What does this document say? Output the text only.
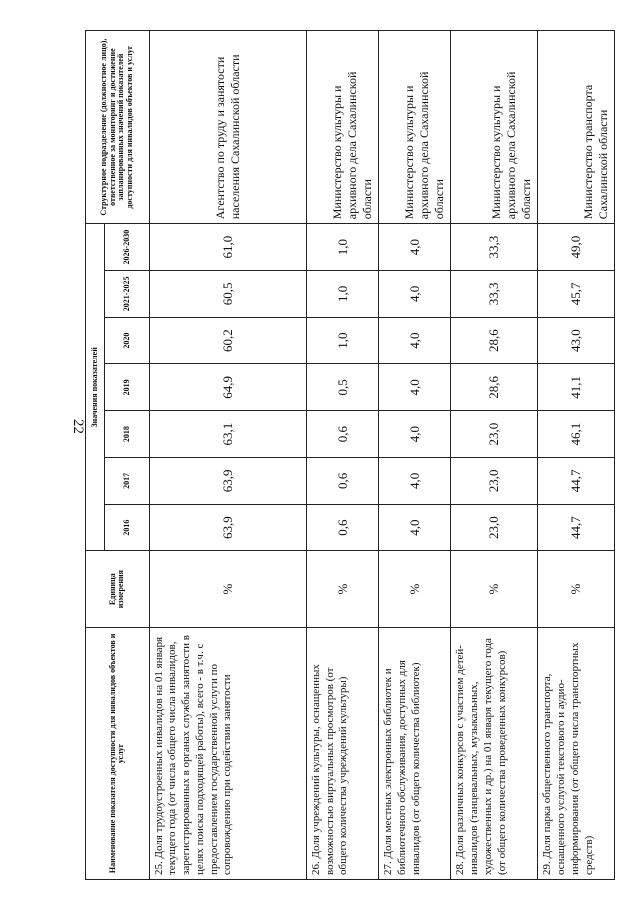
22
Наименование показателя доступности для инвалидов объектов и услуг	Единица измерения	Значения показателей							Структурное подразделение (должностное лицо), ответственное за мониторинг и достижение запланированных значений показателей доступности для инвалидов объектов и услуг
		2016	2017	2018	2019	2020	2021-2025	2026-2030	
25. Доля трудоустроенных инвалидов на 01 января текущего года (от числа общего числа инвалидов, зарегистрированных в органах службы занятости в целях поиска подходящей работы), всего - в т.ч. с предоставлением государственной услуги по сопровождению при содействии занятости	%	63,9	63,9	63,1	64,9	60,2	60,5	61,0	Агентство по труду и занятости населения Сахалинской области
26. Доля учреждений культуры, оснащенных возможностью виртуальных просмотров (от общего количества учреждений культуры)	%	0,6	0,6	0,6	0,5	1,0	1,0	1,0	Министерство культуры и архивного дела Сахалинской области
27. Доля местных электронных библиотек и библиотечного обслуживания, доступных для инвалидов (от общего количества библиотек)	%	4,0	4,0	4,0	4,0	4,0	4,0	4,0	Министерство культуры и архивного дела Сахалинской области
28. Доля различных конкурсов с участием детей-инвалидов (танцевальных, музыкальных, художественных и др.) на 01 января текущего года (от общего количества проведенных конкурсов)	%	23,0	23,0	23,0	28,6	28,6	33,3	33,3	Министерство культуры и архивного дела Сахалинской области
29. Доля парка общественного транспорта, оснащенного услугой текстового и аудио- информирования (от общего числа транспортных средств)	%	44,7	44,7	46,1	41,1	43,0	45,7	49,0	Министерство транспорта Сахалинской области
